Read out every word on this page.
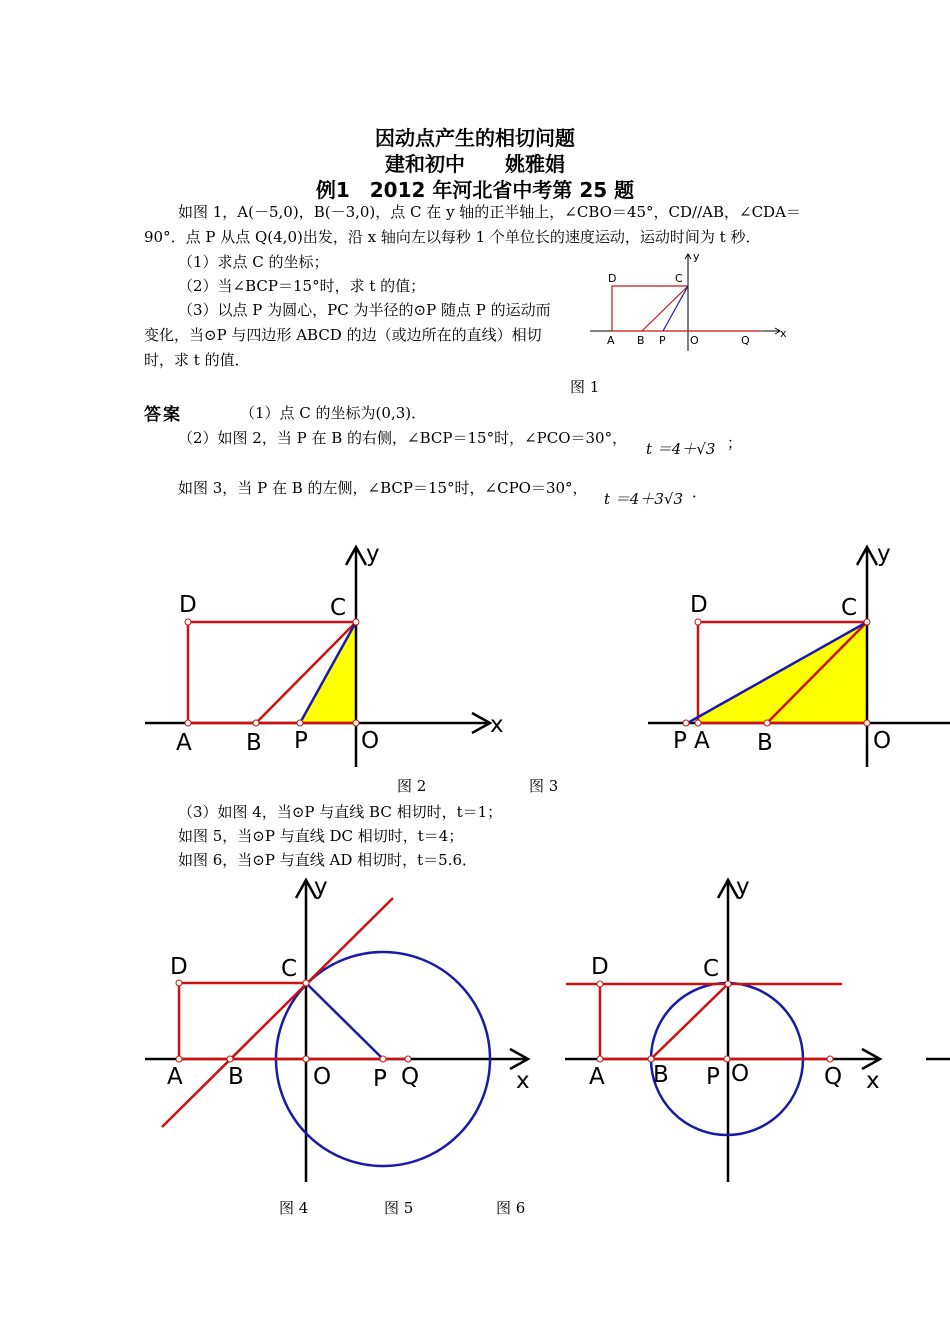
因动点产生的相切问题
建和初中　　姚雅娟
例1　2012 年河北省中考第 25 题
如图 1，A(－5,0)，B(－3,0)，点 C 在 y 轴的正半轴上，∠CBO＝45°，CD//AB，∠CDA＝
90°．点 P 从点 Q(4,0)出发，沿 x 轴向左以每秒 1 个单位长的速度运动，运动时间为 t 秒．
（1）求点 C 的坐标；
（2）当∠BCP＝15°时，求 t 的值；
（3）以点 P 为圆心，PC 为半径的⊙P 随点 P 的运动而
变化，当⊙P 与四边形 ABCD 的边（或边所在的直线）相切
时，求 t 的值．
D	C
y
x
A B P O	Q
图 1
答案	（1）点 C 的坐标为(0,3)．
（2）如图 2，当 P 在 B 的右侧，∠BCP＝15°时，∠PCO＝30°，
t ＝4＋√3 ；
如图 3，当 P 在 B 的左侧，∠BCP＝15°时，∠CPO＝30°，
t ＝4＋3√3 ．
D	C
y
x
A B P O
D	C
y
P A B	O
图 2	图 3
（3）如图 4，当⊙P 与直线 BC 相切时，t＝1；
如图 5，当⊙P 与直线 DC 相切时，t＝4；
如图 6，当⊙P 与直线 AD 相切时，t＝5.6．
D	C
y
x
A B	O P Q
D	C
y
x
A B P O	Q
图 4	图 5	图 6
